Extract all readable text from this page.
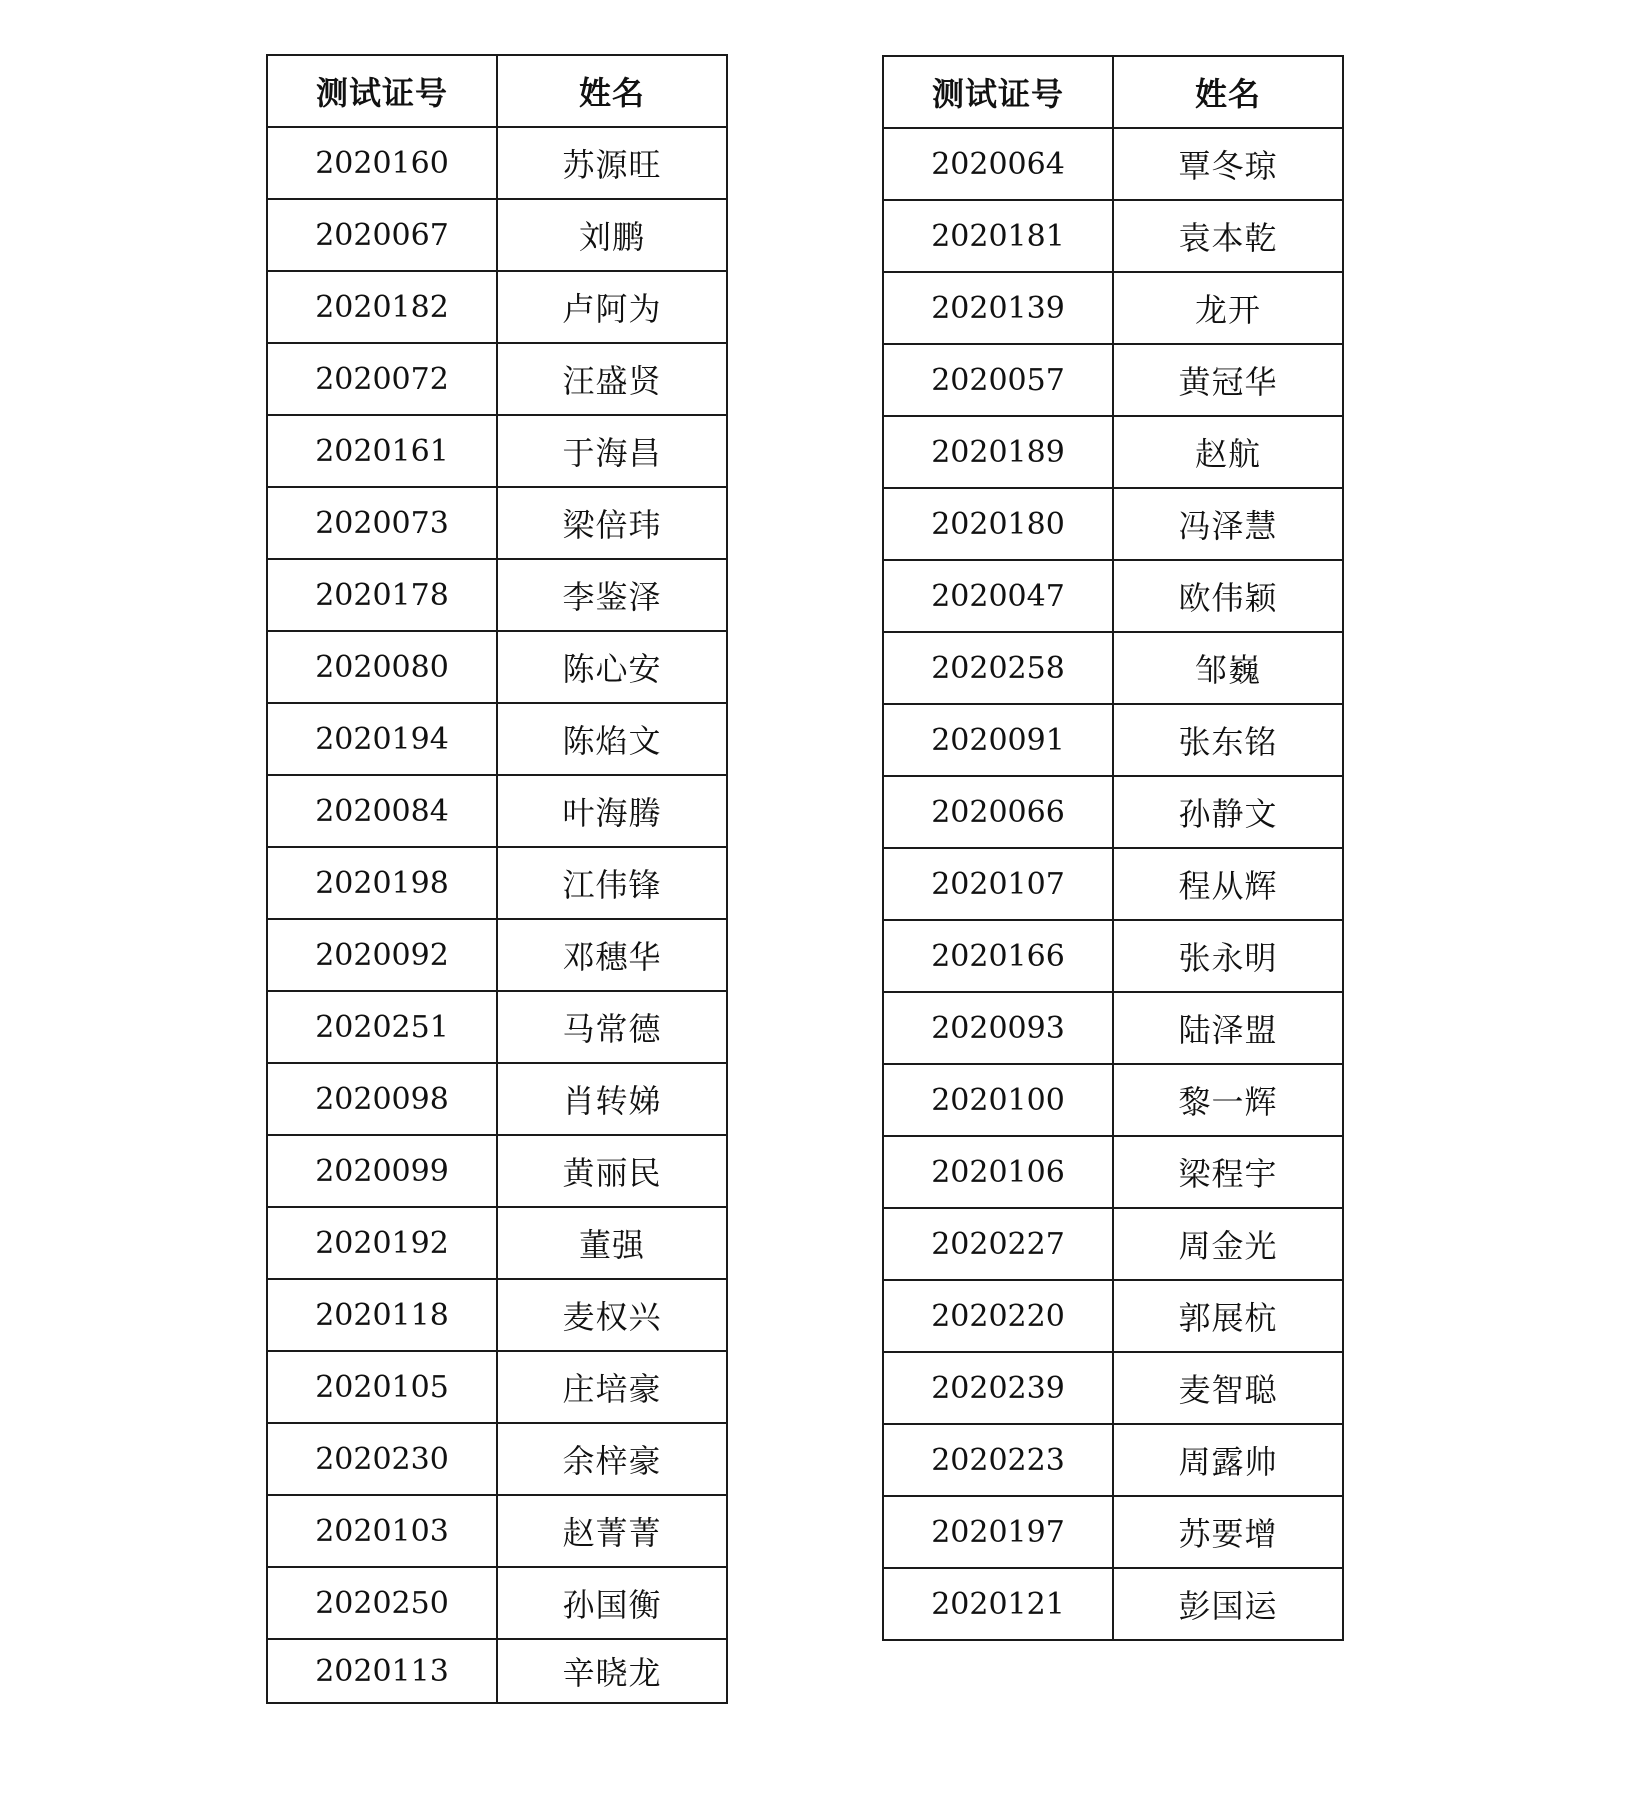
测试证号	姓名
2020160	苏源旺
2020067	刘鹏
2020182	卢阿为
2020072	汪盛贤
2020161	于海昌
2020073	梁倍玮
2020178	李鉴泽
2020080	陈心安
2020194	陈焰文
2020084	叶海腾
2020198	江伟锋
2020092	邓穗华
2020251	马常德
2020098	肖转娣
2020099	黄丽民
2020192	董强
2020118	麦权兴
2020105	庄培豪
2020230	余梓豪
2020103	赵菁菁
2020250	孙国衡
2020113	辛晓龙
测试证号	姓名
2020064	覃冬琼
2020181	袁本乾
2020139	龙开
2020057	黄冠华
2020189	赵航
2020180	冯泽慧
2020047	欧伟颖
2020258	邹巍
2020091	张东铭
2020066	孙静文
2020107	程从辉
2020166	张永明
2020093	陆泽盟
2020100	黎一辉
2020106	梁程宇
2020227	周金光
2020220	郭展杭
2020239	麦智聪
2020223	周露帅
2020197	苏要增
2020121	彭国运
